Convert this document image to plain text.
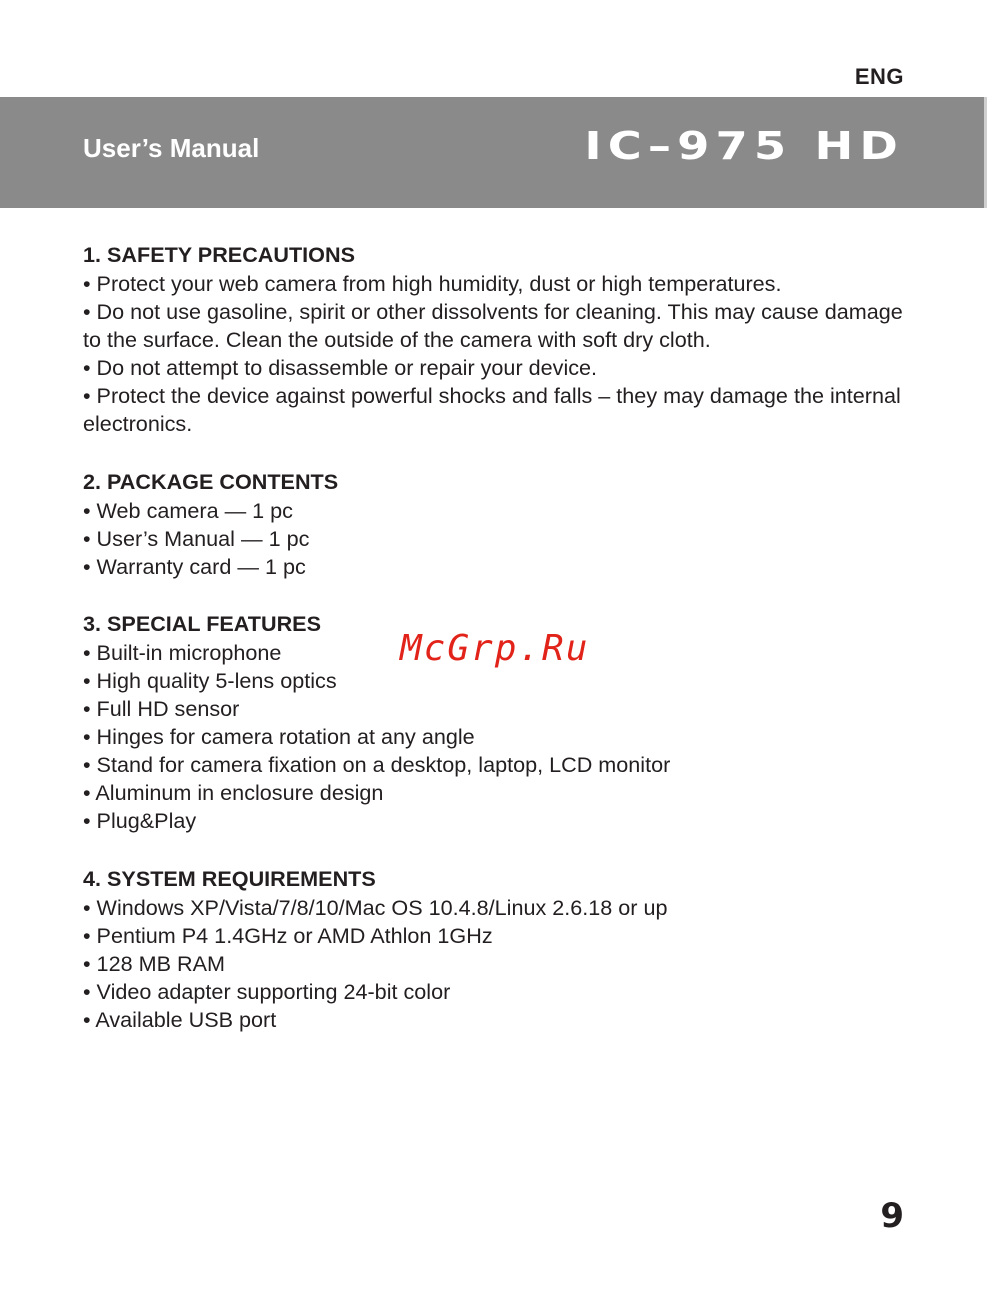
ENG
User’s Manual	IC–975 HD
1. SAFETY PRECAUTIONS
• Protect your web camera from high humidity, dust or high temperatures.
• Do not use gasoline, spirit or other dissolvents for cleaning. This may cause damage to the surface. Clean the outside of the camera with soft dry cloth.
• Do not attempt to disassemble or repair your device.
• Protect the device against powerful shocks and falls – they may damage the internal electronics.
2. PACKAGE CONTENTS
• Web camera — 1 pc
• User’s Manual — 1 pc
• Warranty card — 1 pc
3. SPECIAL FEATURES
• Built-in microphone
• High quality 5-lens optics
• Full HD sensor
• Hinges for camera rotation at any angle
• Stand for camera fixation on a desktop, laptop, LCD monitor
• Aluminum in enclosure design
• Plug&Play
4. SYSTEM REQUIREMENTS
• Windows XP/Vista/7/8/10/Mac OS 10.4.8/Linux 2.6.18 or up
• Pentium P4 1.4GHz or AMD Athlon 1GHz
• 128 MB RAM
• Video adapter supporting 24-bit color
• Available USB port
McGrp.Ru
9
